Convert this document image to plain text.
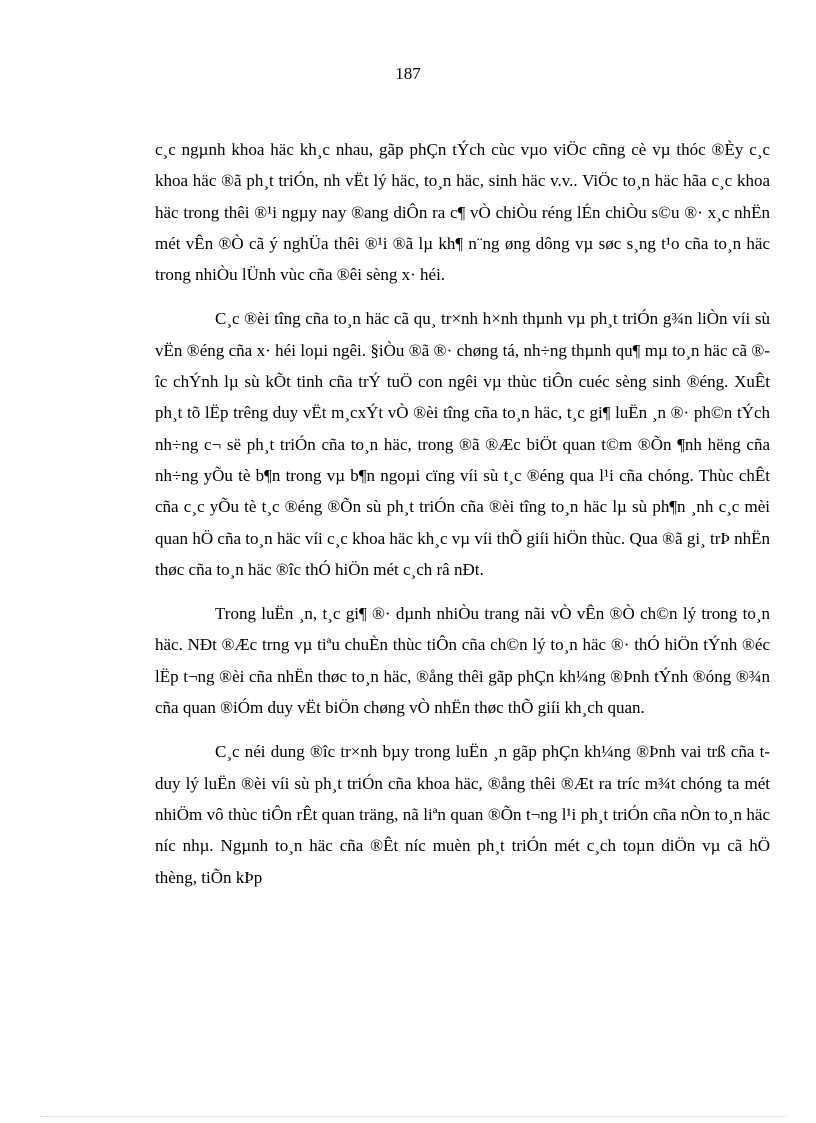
187

c¸c ngµnh khoa häc kh¸c nhau, gãp phÇn tÝch cùc vµo viÖc cñng cè vµ thóc ®Èy c¸c khoa häc ®ã ph¸t triÓn, nh vËt lý häc, to¸n häc, sinh häc v.v.. ViÖc to¸n häc hãa c¸c khoa häc trong thêi ®¹i ngµy nay ®ang diÔn ra c¶ vÒ chiÒu réng lÉn chiÒu s©u ®· x¸c nhËn mét vÊn ®Ò cã ý nghÜa thêi ®¹i ®ã lµ kh¶ n¨ng øng dông vµ søc s¸ng t¹o cña to¸n häc trong nhiÒu lÜnh vùc cña ®êi sèng x· héi.

C¸c ®èi tîng cña to¸n häc cã qu¸ tr×nh h×nh thµnh vµ ph¸t triÓn g¾n liÒn víi sù vËn ®éng cña x· héi loµi ngêi. §iÒu ®ã ®· chøng tá, nh÷ng thµnh qu¶ mµ to¸n häc cã ®îc chÝnh lµ sù kÕt tinh cña trÝ tuÖ con ngêi vµ thùc tiÔn cuéc sèng sinh ®éng. XuÊt ph¸t tõ lËp trêng duy vËt m¸cxÝt vÒ ®èi tîng cña to¸n häc, t¸c gi¶ luËn ¸n ®· ph©n tÝch nh÷ng c¬ së ph¸t triÓn cña to¸n häc, trong ®ã ®Æc biÖt quan t©m ®Õn ¶nh hëng cña nh÷ng yÕu tè b¶n trong vµ b¶n ngoµi cïng víi sù t¸c ®éng qua l¹i cña chóng. Thùc chÊt cña c¸c yÕu tè t¸c ®éng ®Õn sù ph¸t triÓn cña ®èi tîng to¸n häc lµ sù ph¶n ¸nh c¸c mèi quan hÖ cña to¸n häc víi c¸c khoa häc kh¸c vµ víi thÕ giíi hiÖn thùc. Qua ®ã gi¸ trÞ nhËn thøc cña to¸n häc ®îc thÓ hiÖn mét c¸ch râ nÐt.

Trong luËn ¸n, t¸c gi¶ ®· dµnh nhiÒu trang nãi vÒ vÊn ®Ò ch©n lý trong to¸n häc. NÐt ®Æc trng vµ tiªu chuÈn thùc tiÔn cña ch©n lý to¸n häc ®· thÓ hiÖn tÝnh ®éc lËp t¬ng ®èi cña nhËn thøc to¸n häc, ®ång thêi gãp phÇn kh¼ng ®Þnh tÝnh ®óng ®¾n cña quan ®iÓm duy vËt biÖn chøng vÒ nhËn thøc thÕ giíi kh¸ch quan.

C¸c néi dung ®îc tr×nh bµy trong luËn ¸n gãp phÇn kh¼ng ®Þnh vai trß cña t duy lý luËn ®èi víi sù ph¸t triÓn cña khoa häc, ®ång thêi ®Æt ra tríc m¾t chóng ta mét nhiÖm vô thùc tiÔn rÊt quan träng, nã liªn quan ®Õn t¬ng l¹i ph¸t triÓn cña nÒn to¸n häc níc nhµ. Ngµnh to¸n häc cña ®Êt níc muèn ph¸t triÓn mét c¸ch toµn diÖn vµ cã hÖ thèng, tiÕn kÞp
